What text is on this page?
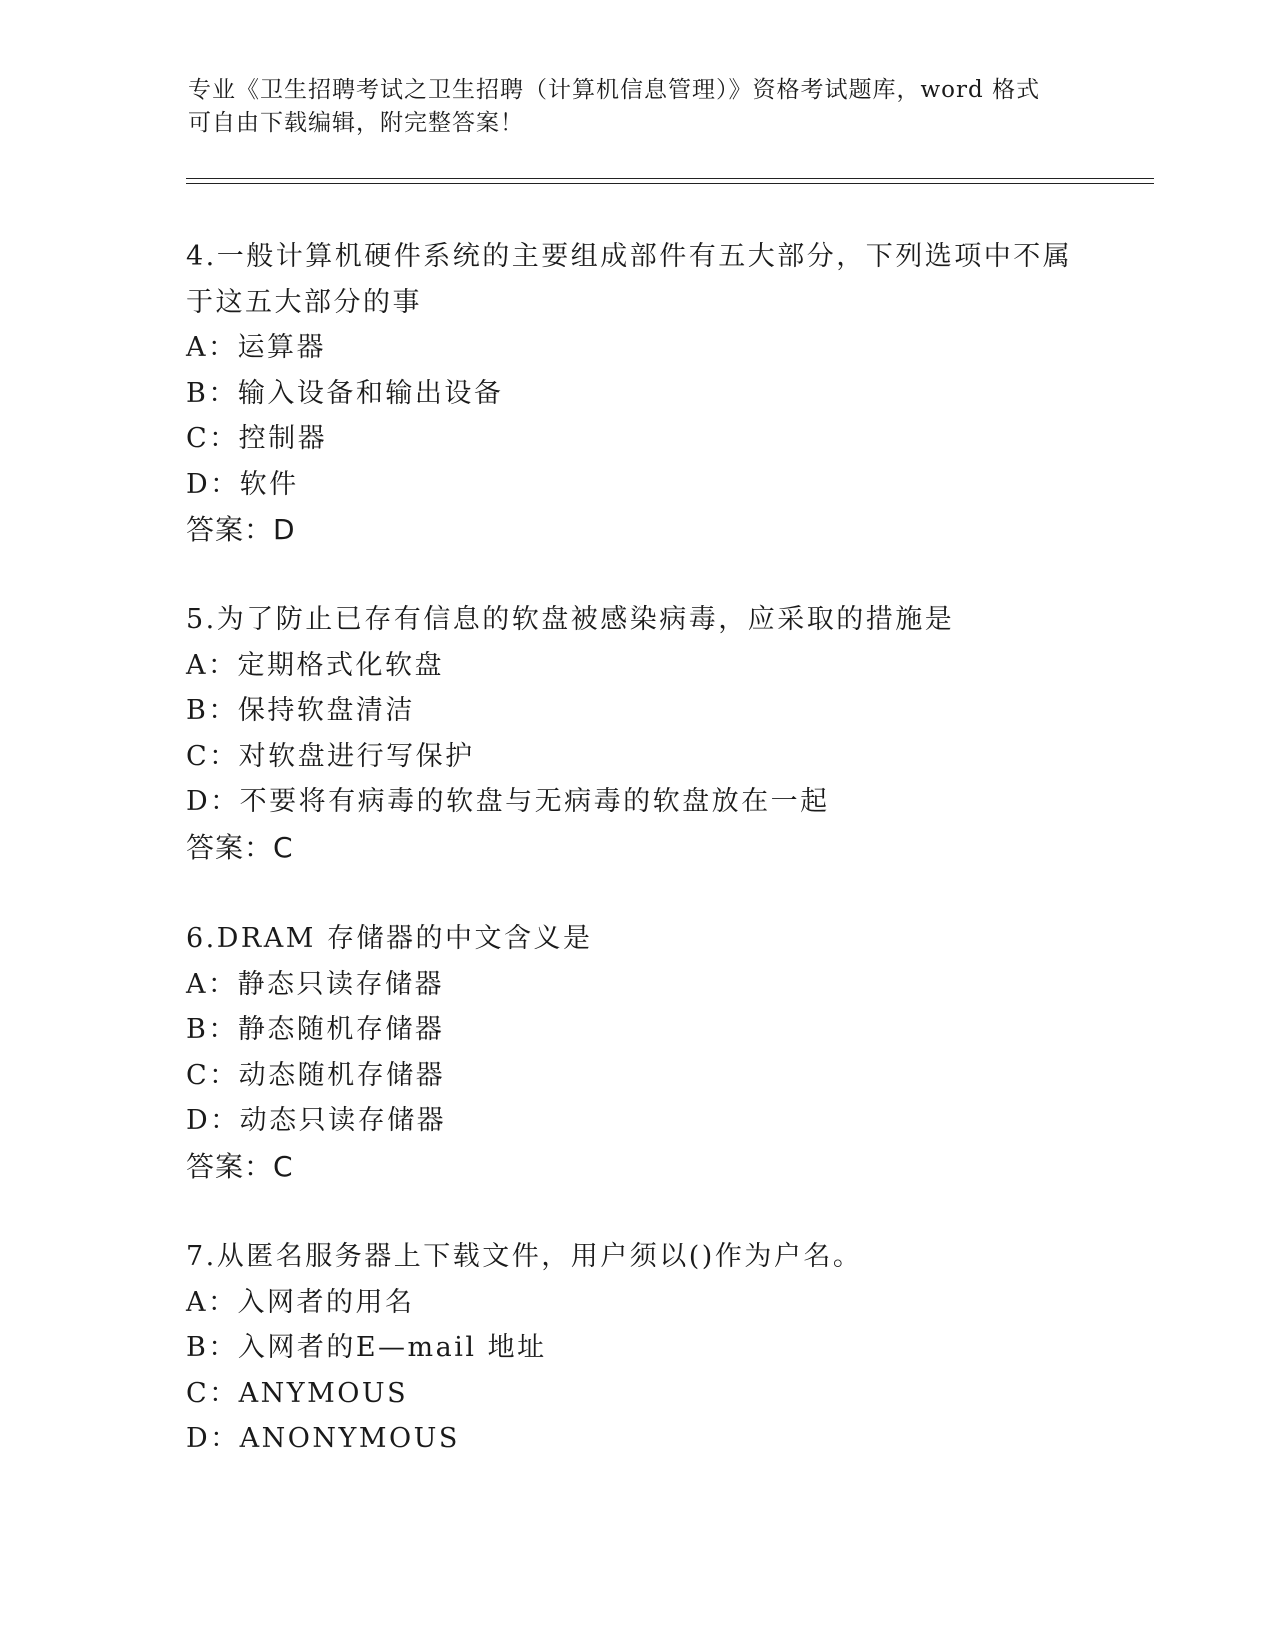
专业《卫生招聘考试之卫生招聘（计算机信息管理）》资格考试题库，word 格式
可自由下载编辑，附完整答案！
4.一般计算机硬件系统的主要组成部件有五大部分，下列选项中不属
于这五大部分的事
A：运算器
B：输入设备和输出设备
C：控制器
D：软件
答案：D
5.为了防止已存有信息的软盘被感染病毒，应采取的措施是
A：定期格式化软盘
B：保持软盘清洁
C：对软盘进行写保护
D：不要将有病毒的软盘与无病毒的软盘放在一起
答案：C
6.DRAM 存储器的中文含义是
A：静态只读存储器
B：静态随机存储器
C：动态随机存储器
D：动态只读存储器
答案：C
7.从匿名服务器上下载文件，用户须以()作为户名。
A：入网者的用名
B：入网者的E—mail 地址
C：ANYMOUS
D：ANONYMOUS
